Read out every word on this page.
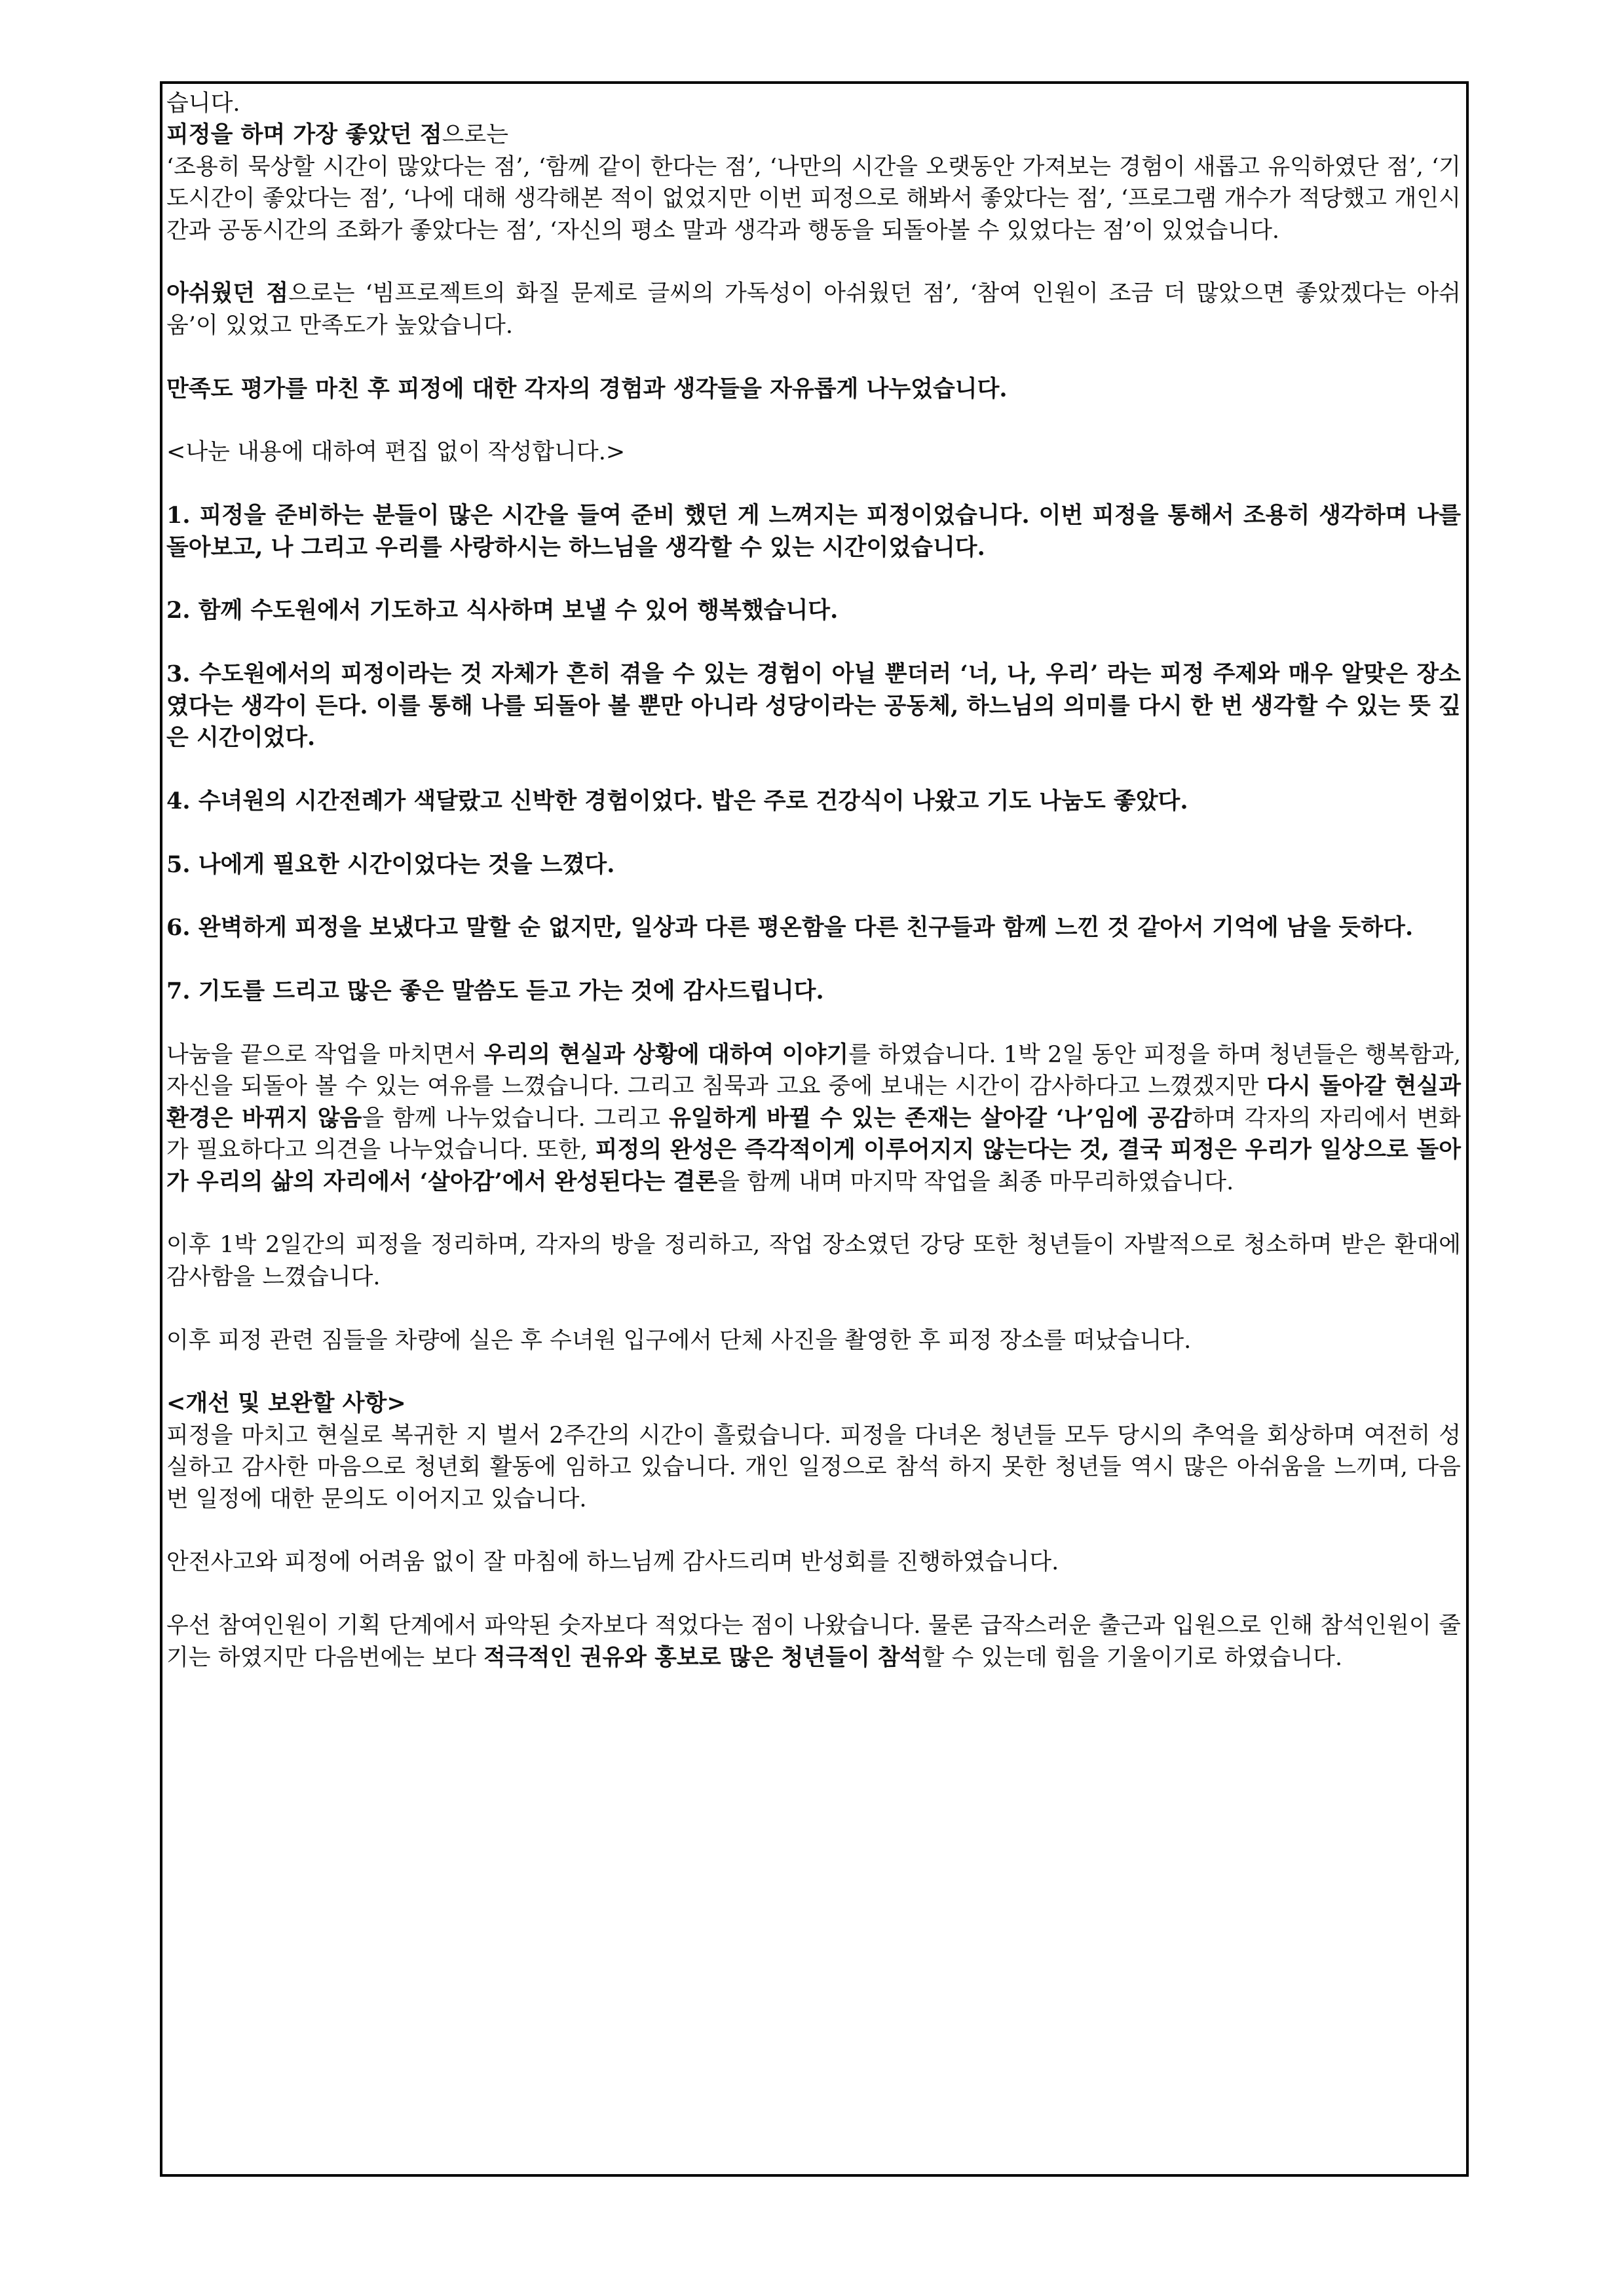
습니다.

피정을 하며 가장 좋았던 점으로는

‘조용히 묵상할 시간이 많았다는 점’, ‘함께 같이 한다는 점’, ‘나만의 시간을 오랫동안 가져보는 경험이 새롭고 유익하였단 점’, ‘기도시간이 좋았다는 점’, ‘나에 대해 생각해본 적이 없었지만 이번 피정으로 해봐서 좋았다는 점’, ‘프로그램 개수가 적당했고 개인시간과 공동시간의 조화가 좋았다는 점’, ‘자신의 평소 말과 생각과 행동을 되돌아볼 수 있었다는 점’이 있었습니다.

아쉬웠던 점으로는 ‘빔프로젝트의 화질 문제로 글씨의 가독성이 아쉬웠던 점’, ‘참여 인원이 조금 더 많았으면 좋았겠다는 아쉬움’이 있었고 만족도가 높았습니다.

만족도 평가를 마친 후 피정에 대한 각자의 경험과 생각들을 자유롭게 나누었습니다.

<나눈 내용에 대하여 편집 없이 작성합니다.>

1. 피정을 준비하는 분들이 많은 시간을 들여 준비 했던 게 느껴지는 피정이었습니다. 이번 피정을 통해서 조용히 생각하며 나를 돌아보고, 나 그리고 우리를 사랑하시는 하느님을 생각할 수 있는 시간이었습니다.

2. 함께 수도원에서 기도하고 식사하며 보낼 수 있어 행복했습니다.

3. 수도원에서의 피정이라는 것 자체가 흔히 겪을 수 있는 경험이 아닐 뿐더러 ‘너, 나, 우리’ 라는 피정 주제와 매우 알맞은 장소였다는 생각이 든다. 이를 통해 나를 되돌아 볼 뿐만 아니라 성당이라는 공동체, 하느님의 의미를 다시 한 번 생각할 수 있는 뜻 깊은 시간이었다.

4. 수녀원의 시간전례가 색달랐고 신박한 경험이었다. 밥은 주로 건강식이 나왔고 기도 나눔도 좋았다.

5. 나에게 필요한 시간이었다는 것을 느꼈다.

6. 완벽하게 피정을 보냈다고 말할 순 없지만, 일상과 다른 평온함을 다른 친구들과 함께 느낀 것 같아서 기억에 남을 듯하다.

7. 기도를 드리고 많은 좋은 말씀도 듣고 가는 것에 감사드립니다.

나눔을 끝으로 작업을 마치면서 우리의 현실과 상황에 대하여 이야기를 하였습니다. 1박 2일 동안 피정을 하며 청년들은 행복함과, 자신을 되돌아 볼 수 있는 여유를 느꼈습니다. 그리고 침묵과 고요 중에 보내는 시간이 감사하다고 느꼈겠지만 다시 돌아갈 현실과 환경은 바뀌지 않음을 함께 나누었습니다. 그리고 유일하게 바뀔 수 있는 존재는 살아갈 ‘나’임에 공감하며 각자의 자리에서 변화가 필요하다고 의견을 나누었습니다. 또한, 피정의 완성은 즉각적이게 이루어지지 않는다는 것, 결국 피정은 우리가 일상으로 돌아가 우리의 삶의 자리에서 ‘살아감’에서 완성된다는 결론을 함께 내며 마지막 작업을 최종 마무리하였습니다.

이후 1박 2일간의 피정을 정리하며, 각자의 방을 정리하고, 작업 장소였던 강당 또한 청년들이 자발적으로 청소하며 받은 환대에 감사함을 느꼈습니다.

이후 피정 관련 짐들을 차량에 실은 후 수녀원 입구에서 단체 사진을 촬영한 후 피정 장소를 떠났습니다.

<개선 및 보완할 사항>

피정을 마치고 현실로 복귀한 지 벌서 2주간의 시간이 흘렀습니다. 피정을 다녀온 청년들 모두 당시의 추억을 회상하며 여전히 성실하고 감사한 마음으로 청년회 활동에 임하고 있습니다. 개인 일정으로 참석 하지 못한 청년들 역시 많은 아쉬움을 느끼며, 다음 번 일정에 대한 문의도 이어지고 있습니다.

안전사고와 피정에 어려움 없이 잘 마침에 하느님께 감사드리며 반성회를 진행하였습니다.

우선 참여인원이 기획 단계에서 파악된 숫자보다 적었다는 점이 나왔습니다. 물론 급작스러운 출근과 입원으로 인해 참석인원이 줄기는 하였지만 다음번에는 보다 적극적인 권유와 홍보로 많은 청년들이 참석할 수 있는데 힘을 기울이기로 하였습니다.
